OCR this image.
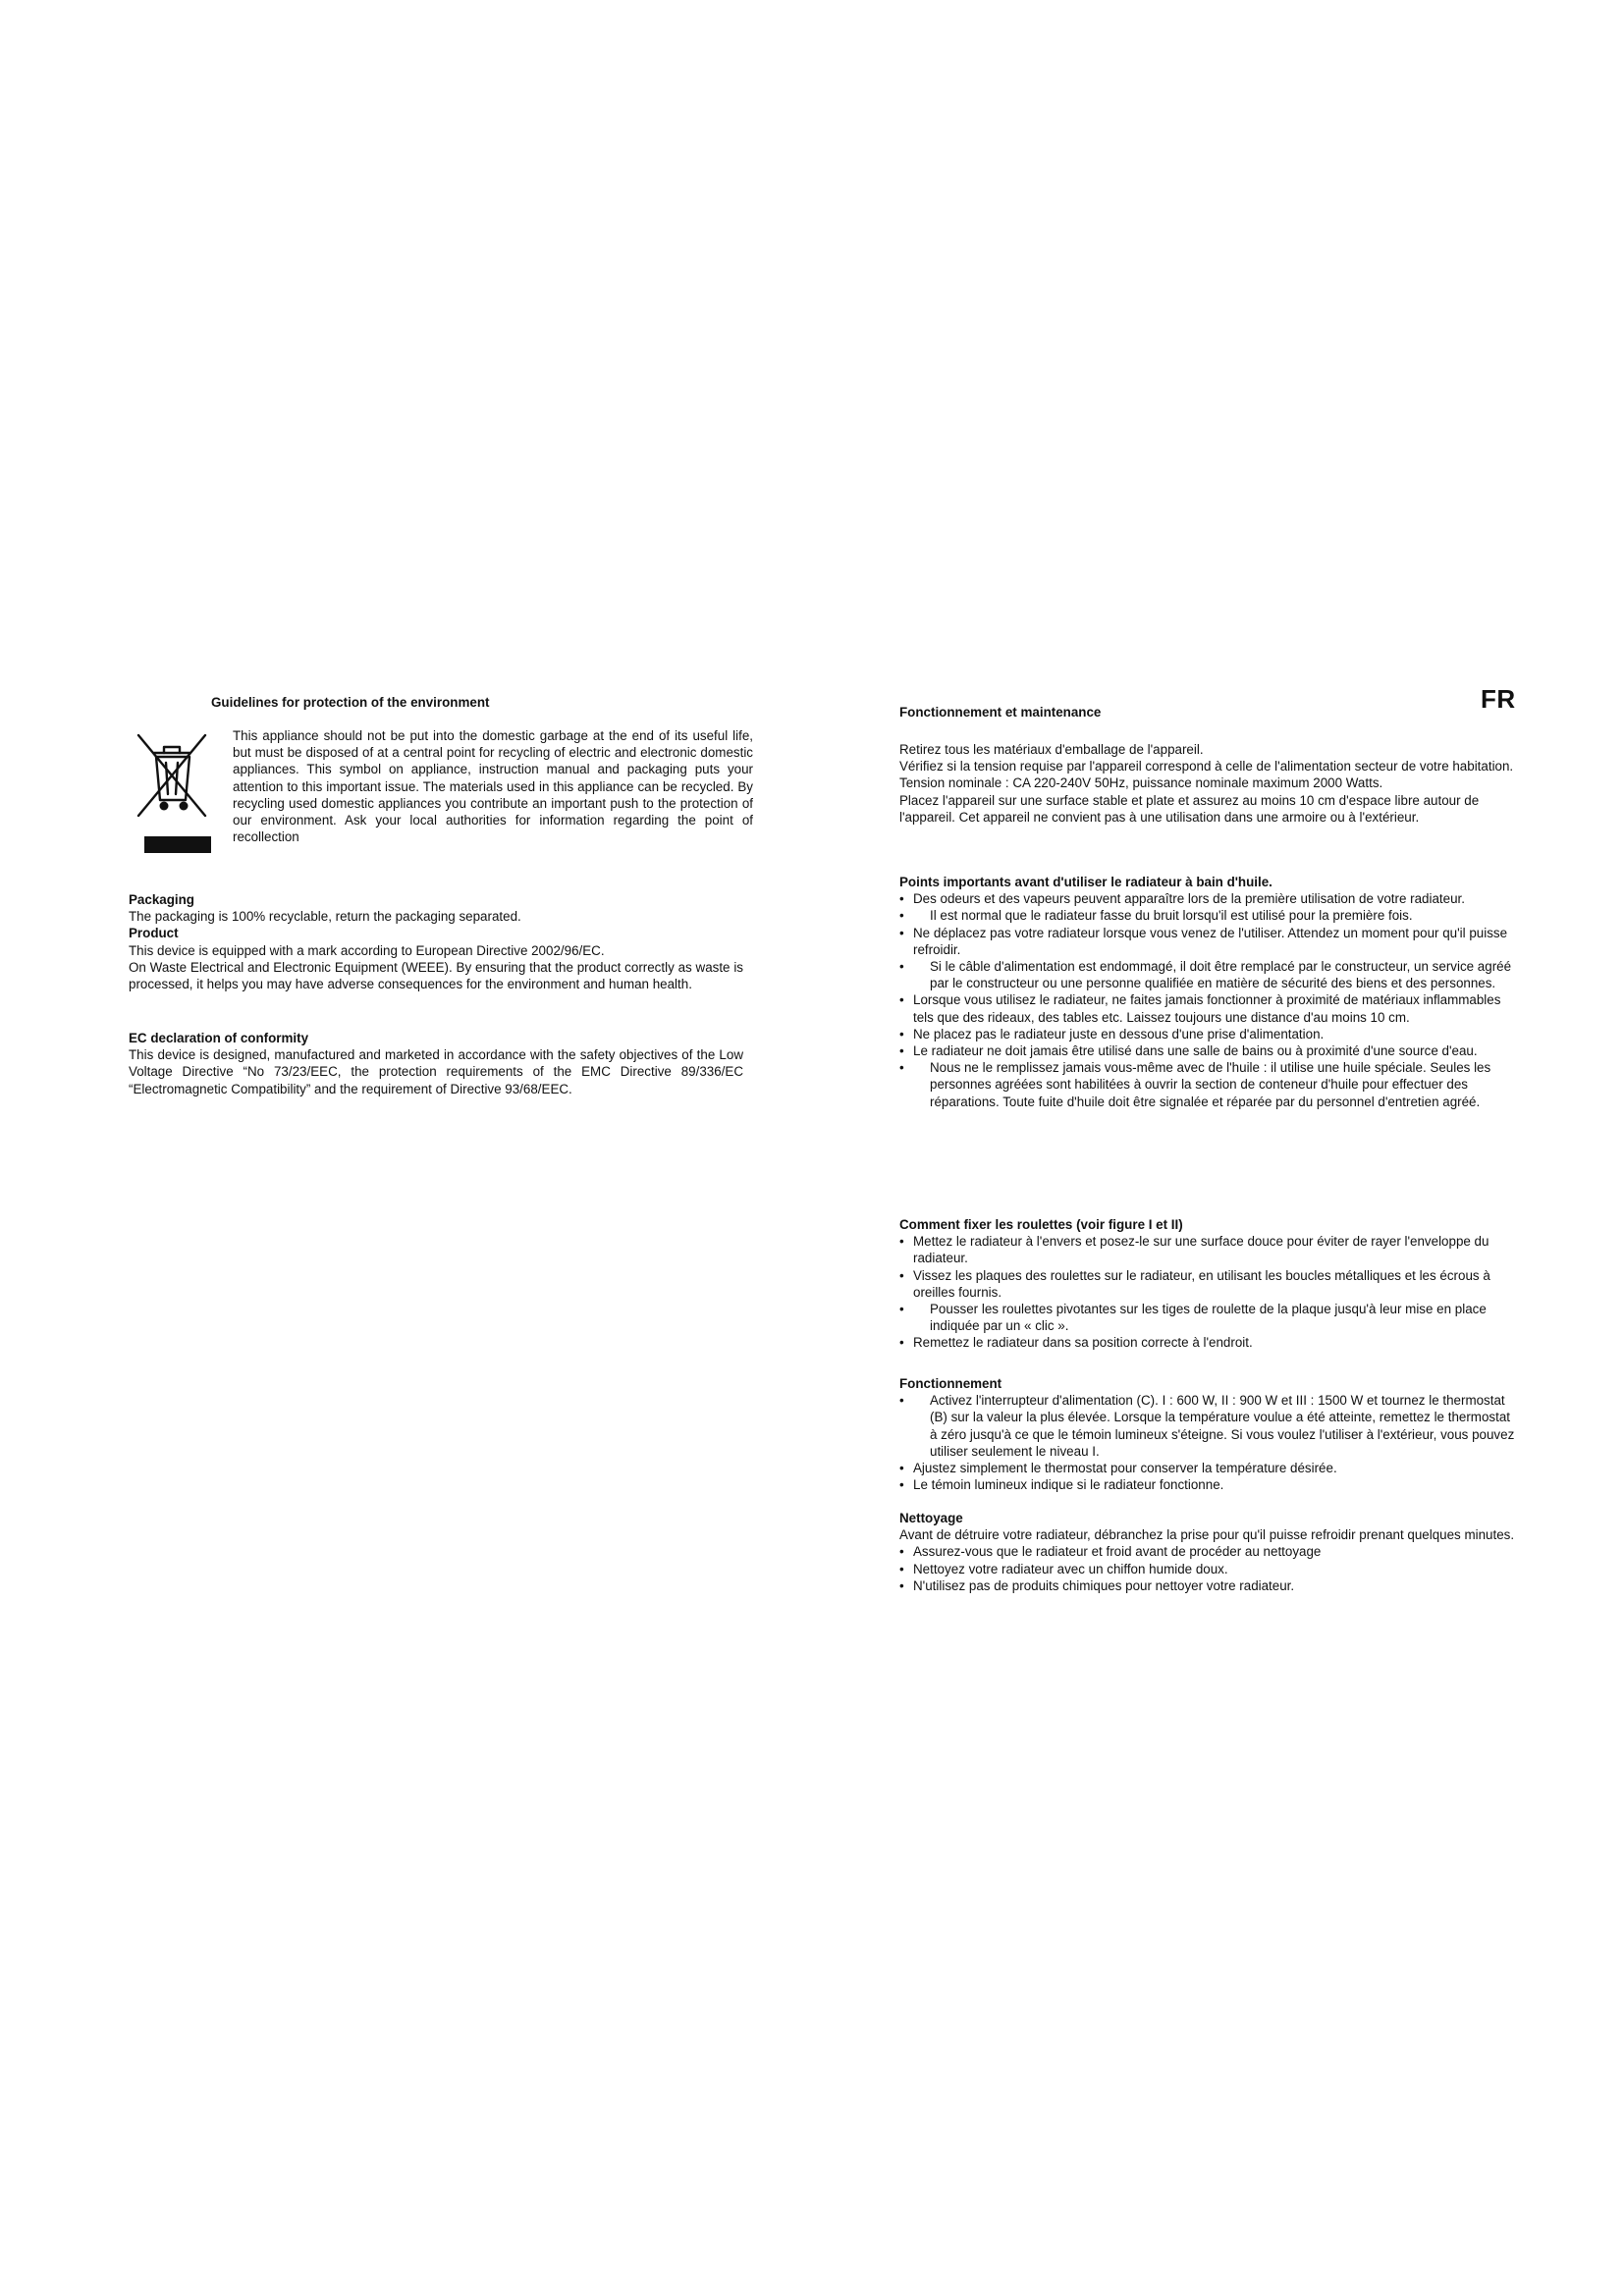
Guidelines for protection of the environment
This appliance should not be put into the domestic garbage at the end of its useful life, but must be disposed of at a central point for recycling of electric and electronic domestic appliances. This symbol on appliance, instruction manual and packaging puts your attention to this important issue. The materials used in this appliance can be recycled. By recycling used domestic appliances you contribute an important push to the protection of our environment. Ask your local authorities for information regarding the point of recollection
Packaging
The packaging is 100% recyclable, return the packaging separated.
Product
This device is equipped with a mark according to European Directive 2002/96/EC.
On Waste Electrical and Electronic Equipment (WEEE). By ensuring that the product correctly as waste is processed, it helps you may have adverse consequences for the environment and human health.
EC declaration of conformity
This device is designed, manufactured and marketed in accordance with the safety objectives of the Low Voltage Directive “No 73/23/EEC, the protection requirements of the EMC Directive 89/336/EC “Electromagnetic Compatibility” and the requirement of Directive 93/68/EEC.
Fonctionnement et maintenance	FR
Retirez tous les matériaux d'emballage de l'appareil.
Vérifiez si la tension requise par l'appareil correspond à celle de l'alimentation secteur de votre habitation.
Tension nominale : CA 220-240V 50Hz, puissance nominale maximum 2000 Watts.
Placez l'appareil sur une surface stable et plate et assurez au moins 10 cm d'espace libre autour de l'appareil. Cet appareil ne convient pas à une utilisation dans une armoire ou à l'extérieur.
Points importants avant d'utiliser le radiateur à bain d'huile.
• Des odeurs et des vapeurs peuvent apparaître lors de la première utilisation de votre radiateur.
• Il est normal que le radiateur fasse du bruit lorsqu'il est utilisé pour la première fois.
• Ne déplacez pas votre radiateur lorsque vous venez de l'utiliser. Attendez un moment pour qu'il puisse refroidir.
• Si le câble d'alimentation est endommagé, il doit être remplacé par le constructeur, un service agréé par le constructeur ou une personne qualifiée en matière de sécurité des biens et des personnes.
• Lorsque vous utilisez le radiateur, ne faites jamais fonctionner à proximité de matériaux inflammables tels que des rideaux, des tables etc. Laissez toujours une distance d'au moins 10 cm.
• Ne placez pas le radiateur juste en dessous d'une prise d'alimentation.
• Le radiateur ne doit jamais être utilisé dans une salle de bains ou à proximité d'une source d'eau.
• Nous ne le remplissez jamais vous-même avec de l'huile : il utilise une huile spéciale. Seules les personnes agréées sont habilitées à ouvrir la section de conteneur d'huile pour effectuer des réparations. Toute fuite d'huile doit être signalée et réparée par du personnel d'entretien agréé.
Comment fixer les roulettes (voir figure I et II)
• Mettez le radiateur à l'envers et posez-le sur une surface douce pour éviter de rayer l'enveloppe du radiateur.
• Vissez les plaques des roulettes sur le radiateur, en utilisant les boucles métalliques et les écrous à oreilles fournis.
• Pousser les roulettes pivotantes sur les tiges de roulette de la plaque jusqu'à leur mise en place indiquée par un « clic ».
• Remettez le radiateur dans sa position correcte à l'endroit.
Fonctionnement
• Activez l'interrupteur d'alimentation (C). I : 600 W, II : 900 W et III : 1500 W et tournez le thermostat (B) sur la valeur la plus élevée. Lorsque la température voulue a été atteinte, remettez le thermostat à zéro jusqu'à ce que le témoin lumineux s'éteigne. Si vous voulez l'utiliser à l'extérieur, vous pouvez utiliser seulement le niveau I.
• Ajustez simplement le thermostat pour conserver la température désirée.
• Le témoin lumineux indique si le radiateur fonctionne.
Nettoyage
Avant de détruire votre radiateur, débranchez la prise pour qu'il puisse refroidir prenant quelques minutes.
• Assurez-vous que le radiateur et froid avant de procéder au nettoyage
• Nettoyez votre radiateur avec un chiffon humide doux.
• N'utilisez pas de produits chimiques pour nettoyer votre radiateur.
